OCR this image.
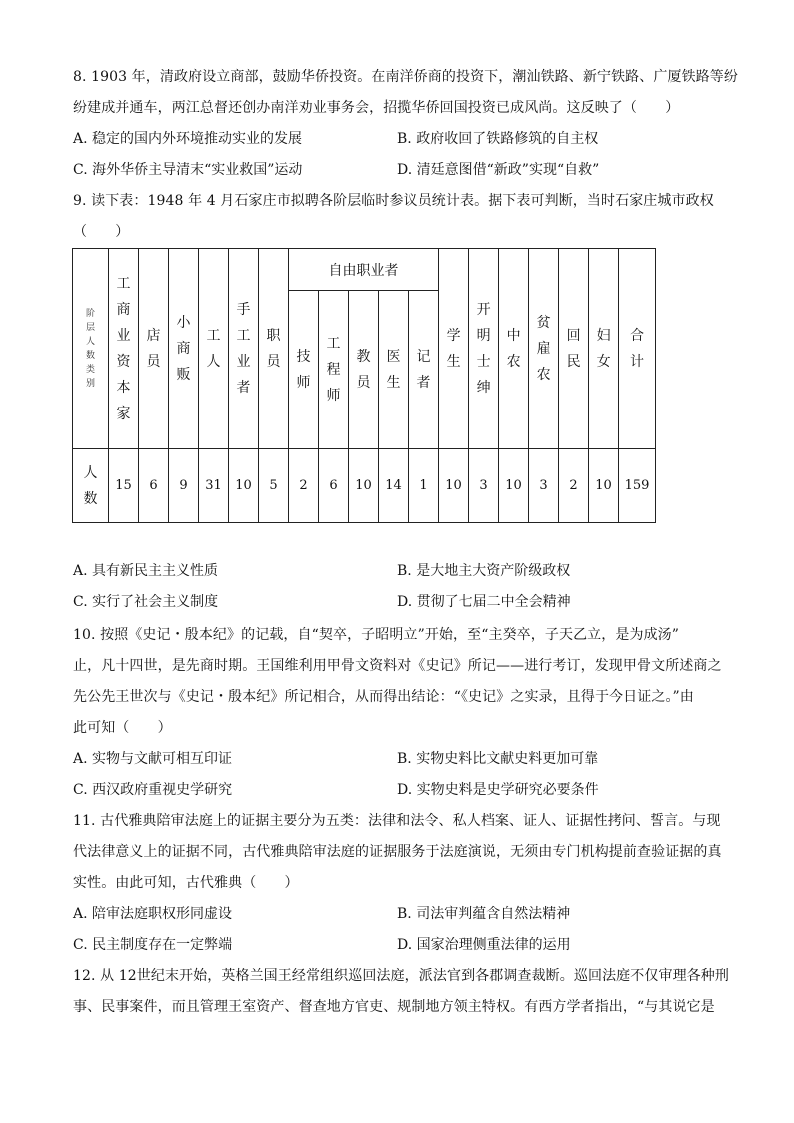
8. 1903 年，清政府设立商部，鼓励华侨投资。在南洋侨商的投资下，潮汕铁路、新宁铁路、广厦铁路等纷
纷建成并通车，两江总督还创办南洋劝业事务会，招揽华侨回国投资已成风尚。这反映了（　　）
A. 稳定的国内外环境推动实业的发展	B. 政府收回了铁路修筑的自主权
C. 海外华侨主导清末“实业救国”运动	D. 清廷意图借“新政”实现“自救”
9. 读下表：1948 年 4 月石家庄市拟聘各阶层临时参议员统计表。据下表可判断，当时石家庄城市政权
（　　）
阶层人数类别	工商业资本家	店员	小商贩	工人	手工业者	职员	自由职业者					学生	开明士绅	中农	贫雇农	回民	妇女	合计
							技师	工程师	教员	医生	记者							
人数	15	6	9	31	10	5	2	6	10	14	1	10	3	10	3	2	10	159
A. 具有新民主主义性质	B. 是大地主大资产阶级政权
C. 实行了社会主义制度	D. 贯彻了七届二中全会精神
10. 按照《史记・殷本纪》的记载，自“契卒，子昭明立”开始，至“主癸卒，子天乙立，是为成汤”
止，凡十四世，是先商时期。王国维利用甲骨文资料对《史记》所记——进行考订，发现甲骨文所述商之
先公先王世次与《史记・殷本纪》所记相合，从而得出结论：“《史记》之实录，且得于今日证之。”由
此可知（　　）
A. 实物与文献可相互印证	B. 实物史料比文献史料更加可靠
C. 西汉政府重视史学研究	D. 实物史料是史学研究必要条件
11. 古代雅典陪审法庭上的证据主要分为五类：法律和法令、私人档案、证人、证据性拷问、誓言。与现
代法律意义上的证据不同，古代雅典陪审法庭的证据服务于法庭演说，无须由专门机构提前查验证据的真
实性。由此可知，古代雅典（　　）
A. 陪审法庭职权形同虚设	B. 司法审判蕴含自然法精神
C. 民主制度存在一定弊端	D. 国家治理侧重法律的运用
12. 从 12世纪末开始，英格兰国王经常组织巡回法庭，派法官到各郡调查裁断。巡回法庭不仅审理各种刑
事、民事案件，而且管理王室资产、督查地方官吏、规制地方领主特权。有西方学者指出，“与其说它是
